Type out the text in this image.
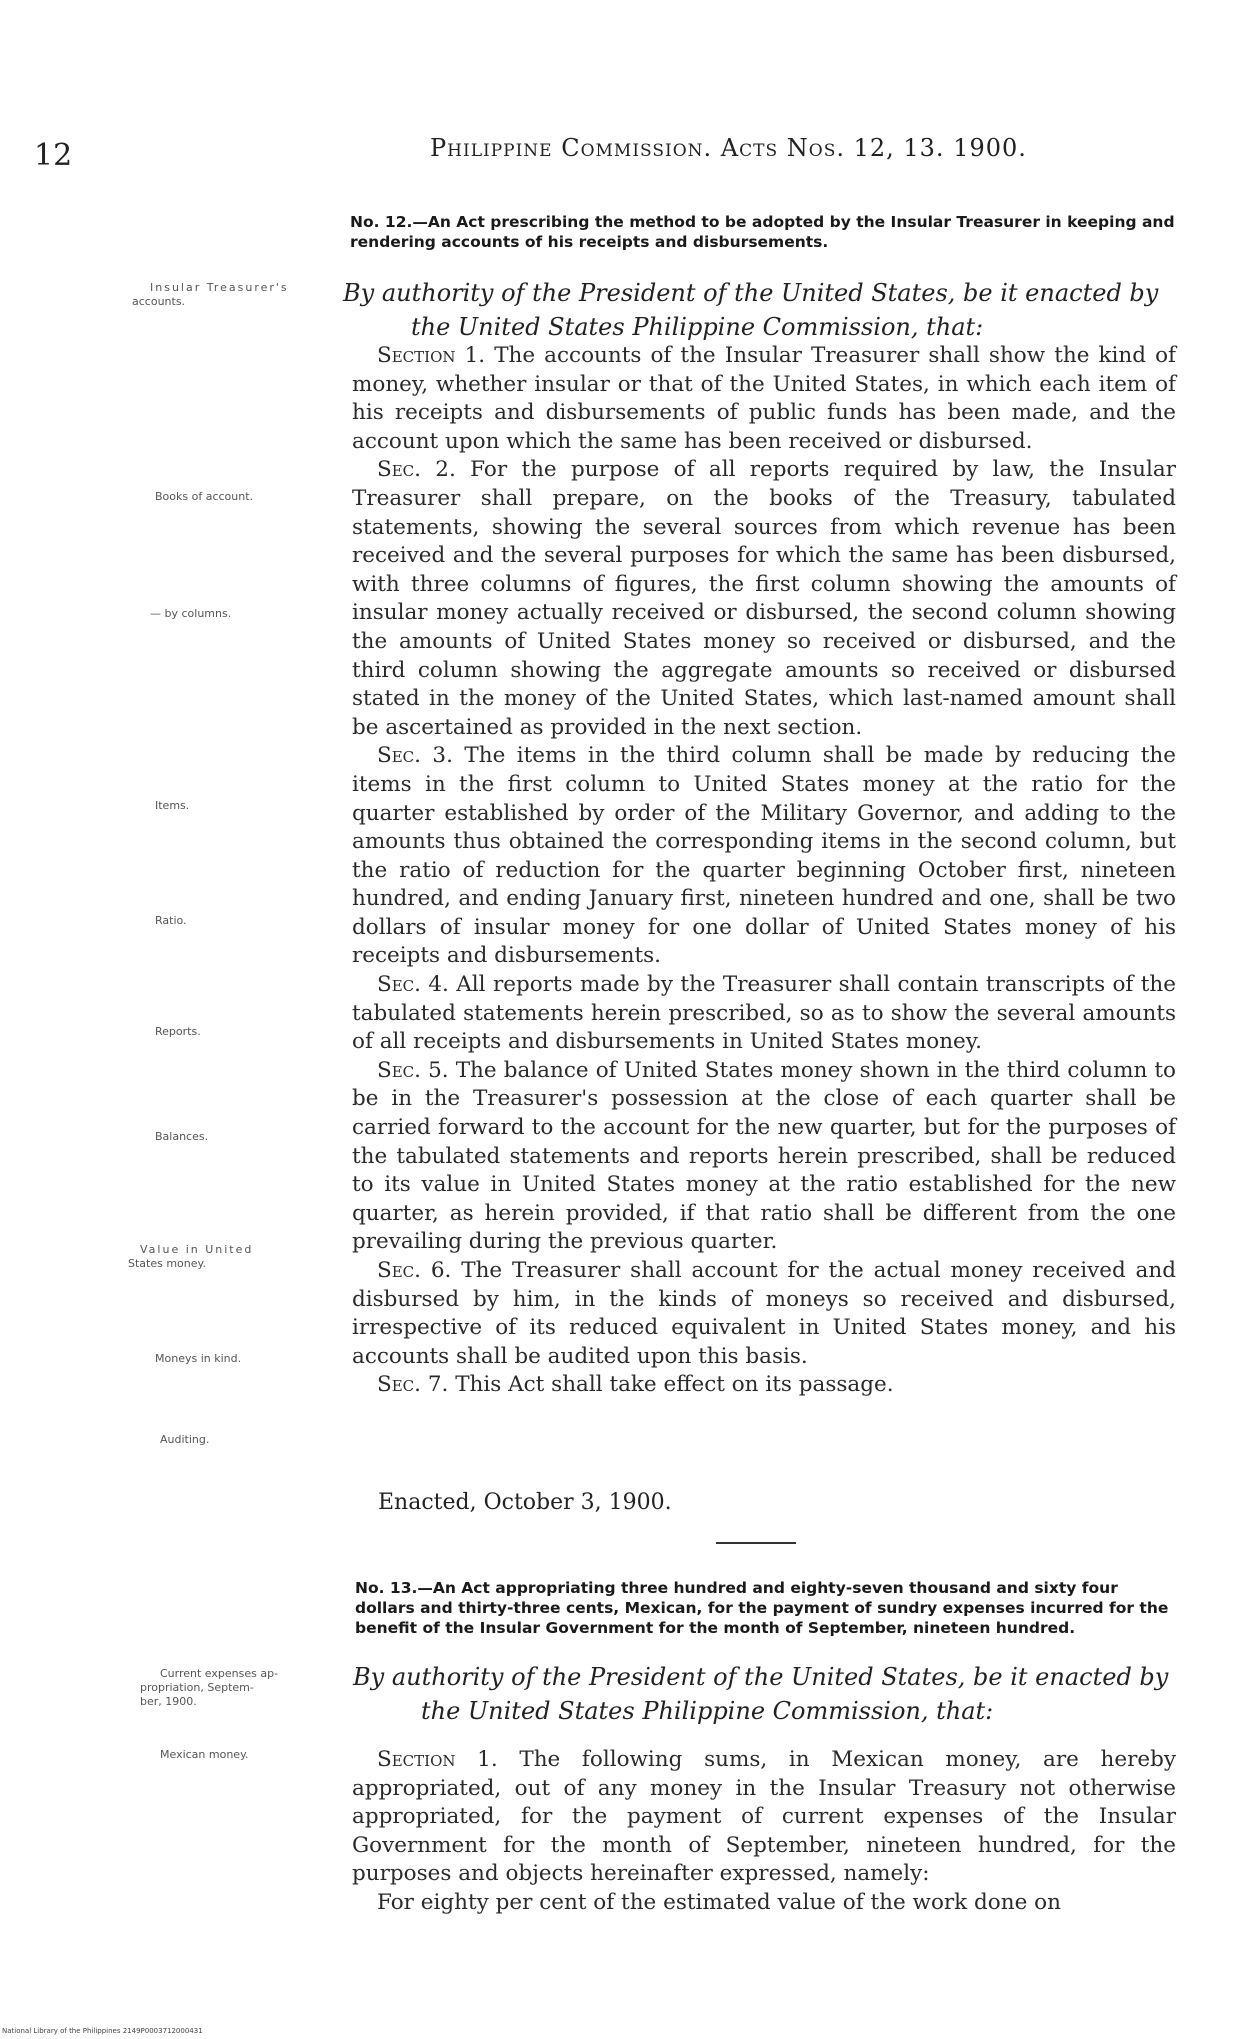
12	Philippine Commission. Acts Nos. 12, 13. 1900.
No. 12.—An Act prescribing the method to be adopted by the Insular Treasurer in keeping and rendering accounts of his receipts and disbursements.
Insular Treasurer's
accounts.	By authority of the President of the United States, be it enacted by
the United States Philippine Commission, that:

Section 1. The accounts of the Insular Treasurer shall show the kind of money, whether insular or that of the United States, in which each item of his receipts and disbursements of public funds has been made, and the account upon which the same has been received or disbursed.

Sec. 2. For the purpose of all reports required by law, the Insular Treasurer shall prepare, on the books of the Treasury, tabulated statements, showing the several sources from which revenue has been received and the several purposes for which the same has been disbursed, with three columns of figures, the first column showing the amounts of insular money actually received or disbursed, the second column showing the amounts of United States money so received or disbursed, and the third column showing the aggregate amounts so received or disbursed stated in the money of the United States, which last-named amount shall be ascertained as provided in the next section.

Sec. 3. The items in the third column shall be made by reducing the items in the first column to United States money at the ratio for the quarter established by order of the Military Governor, and adding to the amounts thus obtained the corresponding items in the second column, but the ratio of reduction for the quarter beginning October first, nineteen hundred, and ending January first, nineteen hundred and one, shall be two dollars of insular money for one dollar of United States money of his receipts and disbursements.

Sec. 4. All reports made by the Treasurer shall contain transcripts of the tabulated statements herein prescribed, so as to show the several amounts of all receipts and disbursements in United States money.

Sec. 5. The balance of United States money shown in the third column to be in the Treasurer's possession at the close of each quarter shall be carried forward to the account for the new quarter, but for the purposes of the tabulated statements and reports herein prescribed, shall be reduced to its value in United States money at the ratio established for the new quarter, as herein provided, if that ratio shall be different from the one prevailing during the previous quarter.

Sec. 6. The Treasurer shall account for the actual money received and disbursed by him, in the kinds of moneys so received and disbursed, irrespective of its reduced equivalent in United States money, and his accounts shall be audited upon this basis.

Sec. 7. This Act shall take effect on its passage.

Books of account.
— by columns.
Items.
Ratio.
Reports.
Balances.
Value in United
States money.
Moneys in kind.
Auditing.
Enacted, October 3, 1900.
No. 13.—An Act appropriating three hundred and eighty-seven thousand and sixty four dollars and thirty-three cents, Mexican, for the payment of sundry expenses incurred for the benefit of the Insular Government for the month of September, nineteen hundred.
Current expenses ap-
propriation, Septem-
ber, 1900.
By authority of the President of the United States, be it enacted by
the United States Philippine Commission, that:
Mexican money.	Section 1. The following sums, in Mexican money, are hereby appropriated, out of any money in the Insular Treasury not otherwise appropriated, for the payment of current expenses of the Insular Government for the month of September, nineteen hundred, for the purposes and objects hereinafter expressed, namely:

For eighty per cent of the estimated value of the work done on

National Library of the Philippines 2149P0003712000431
